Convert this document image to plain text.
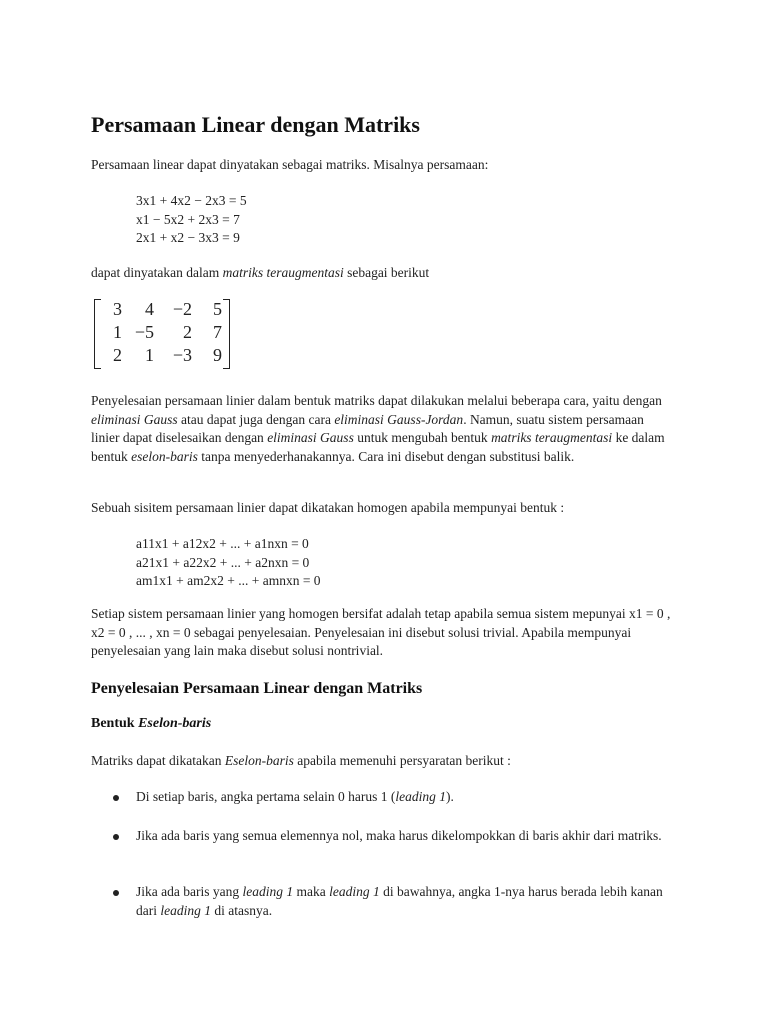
Persamaan Linear dengan Matriks

Persamaan linear dapat dinyatakan sebagai matriks. Misalnya persamaan:

3x1 + 4x2 − 2x3 = 5
x1 − 5x2 + 2x3 = 7
2x1 + x2 − 3x3 = 9

dapat dinyatakan dalam matriks teraugmentasi sebagai berikut

3	4	−2	5
1 −5	2	7
2	1	−3	9

Penyelesaian persamaan linier dalam bentuk matriks dapat dilakukan melalui beberapa cara, yaitu dengan eliminasi Gauss atau dapat juga dengan cara eliminasi Gauss-Jordan. Namun, suatu sistem persamaan linier dapat diselesaikan dengan eliminasi Gauss untuk mengubah bentuk matriks teraugmentasi ke dalam bentuk eselon-baris tanpa menyederhanakannya. Cara ini disebut dengan substitusi balik.

Sebuah sisitem persamaan linier dapat dikatakan homogen apabila mempunyai bentuk :

a11x1 + a12x2 + ... + a1nxn = 0
a21x1 + a22x2 + ... + a2nxn = 0
am1x1 + am2x2 + ... + amnxn = 0

Setiap sistem persamaan linier yang homogen bersifat adalah tetap apabila semua sistem mepunyai x1 = 0 , x2 = 0 , ... , xn = 0 sebagai penyelesaian. Penyelesaian ini disebut solusi trivial. Apabila mempunyai penyelesaian yang lain maka disebut solusi nontrivial.

Penyelesaian Persamaan Linear dengan Matriks
Bentuk Eselon-baris

Matriks dapat dikatakan Eselon-baris apabila memenuhi persyaratan berikut :

Di setiap baris, angka pertama selain 0 harus 1 (leading 1).
Jika ada baris yang semua elemennya nol, maka harus dikelompokkan di baris akhir dari matriks.
Jika ada baris yang leading 1 maka leading 1 di bawahnya, angka 1-nya harus berada lebih kanan dari leading 1 di atasnya.
